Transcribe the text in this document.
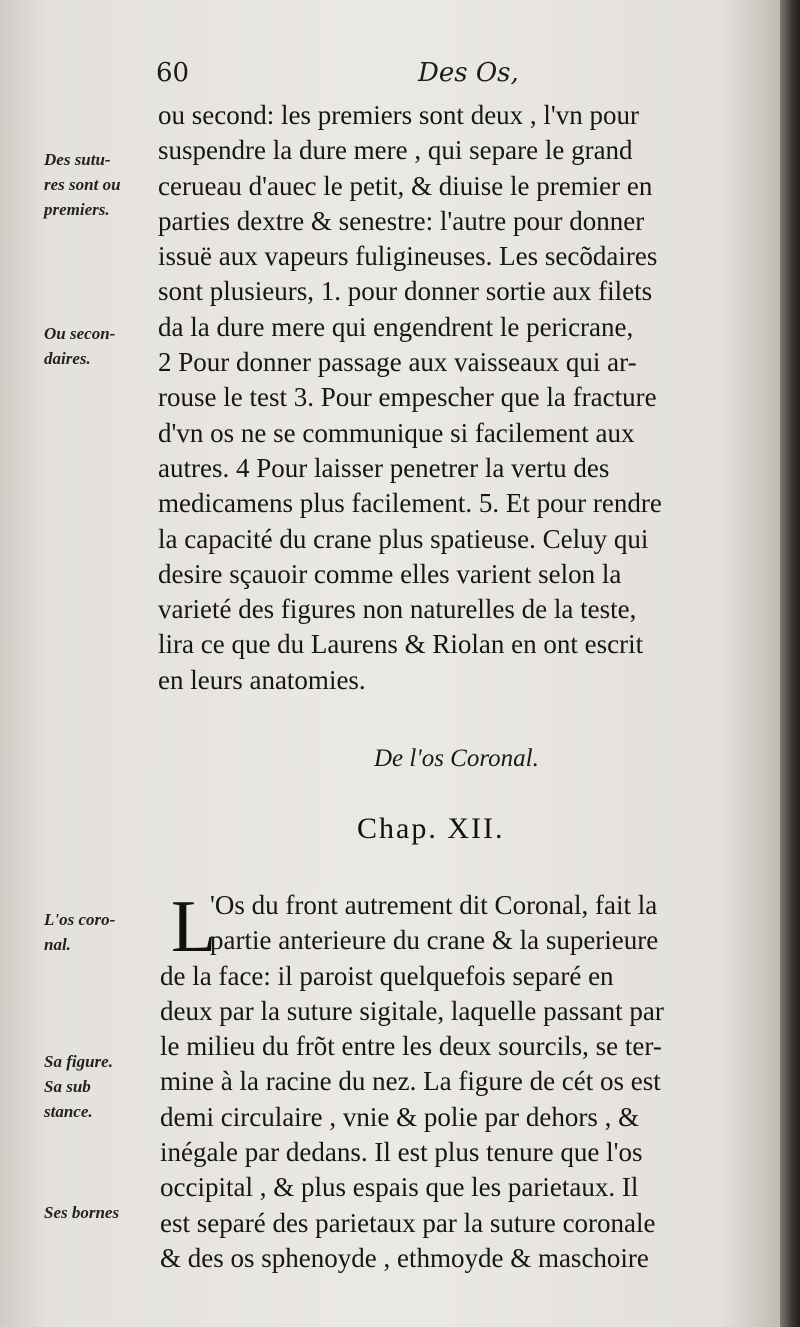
60	Des Os,
Des sutu-
res sont ou
premiers.
Ou secon-
daires.
L'os coro-
nal.
Sa figure.
Sa sub
stance.
Ses bornes
ou second: les premiers sont deux , l'vn pour
suspendre la dure mere , qui separe le grand
cerueau d'auec le petit, & diuise le premier en
parties dextre & senestre: l'autre pour donner
issuë aux vapeurs fuligineuses. Les secõdaires
sont plusieurs, 1. pour donner sortie aux filets
da la dure mere qui engendrent le pericrane,
2 Pour donner passage aux vaisseaux qui ar-
rouse le test 3. Pour empescher que la fracture
d'vn os ne se communique si facilement aux
autres. 4 Pour laisser penetrer la vertu des
medicamens plus facilement. 5. Et pour rendre
la capacité du crane plus spatieuse. Celuy qui
desire sçauoir comme elles varient selon la
varieté des figures non naturelles de la teste,
lira ce que du Laurens & Riolan en ont escrit
en leurs anatomies.
De l'os Coronal.
Chap. XII.
L
'Os du front autrement dit Coronal, fait la
partie anterieure du crane & la superieure
de la face: il paroist quelquefois separé en
deux par la suture sigitale, laquelle passant par
le milieu du frõt entre les deux sourcils, se ter-
mine à la racine du nez. La figure de cét os est
demi circulaire , vnie & polie par dehors , &
inégale par dedans. Il est plus tenure que l'os
occipital , & plus espais que les parietaux. Il
est separé des parietaux par la suture coronale
& des os sphenoyde , ethmoyde & maschoire
